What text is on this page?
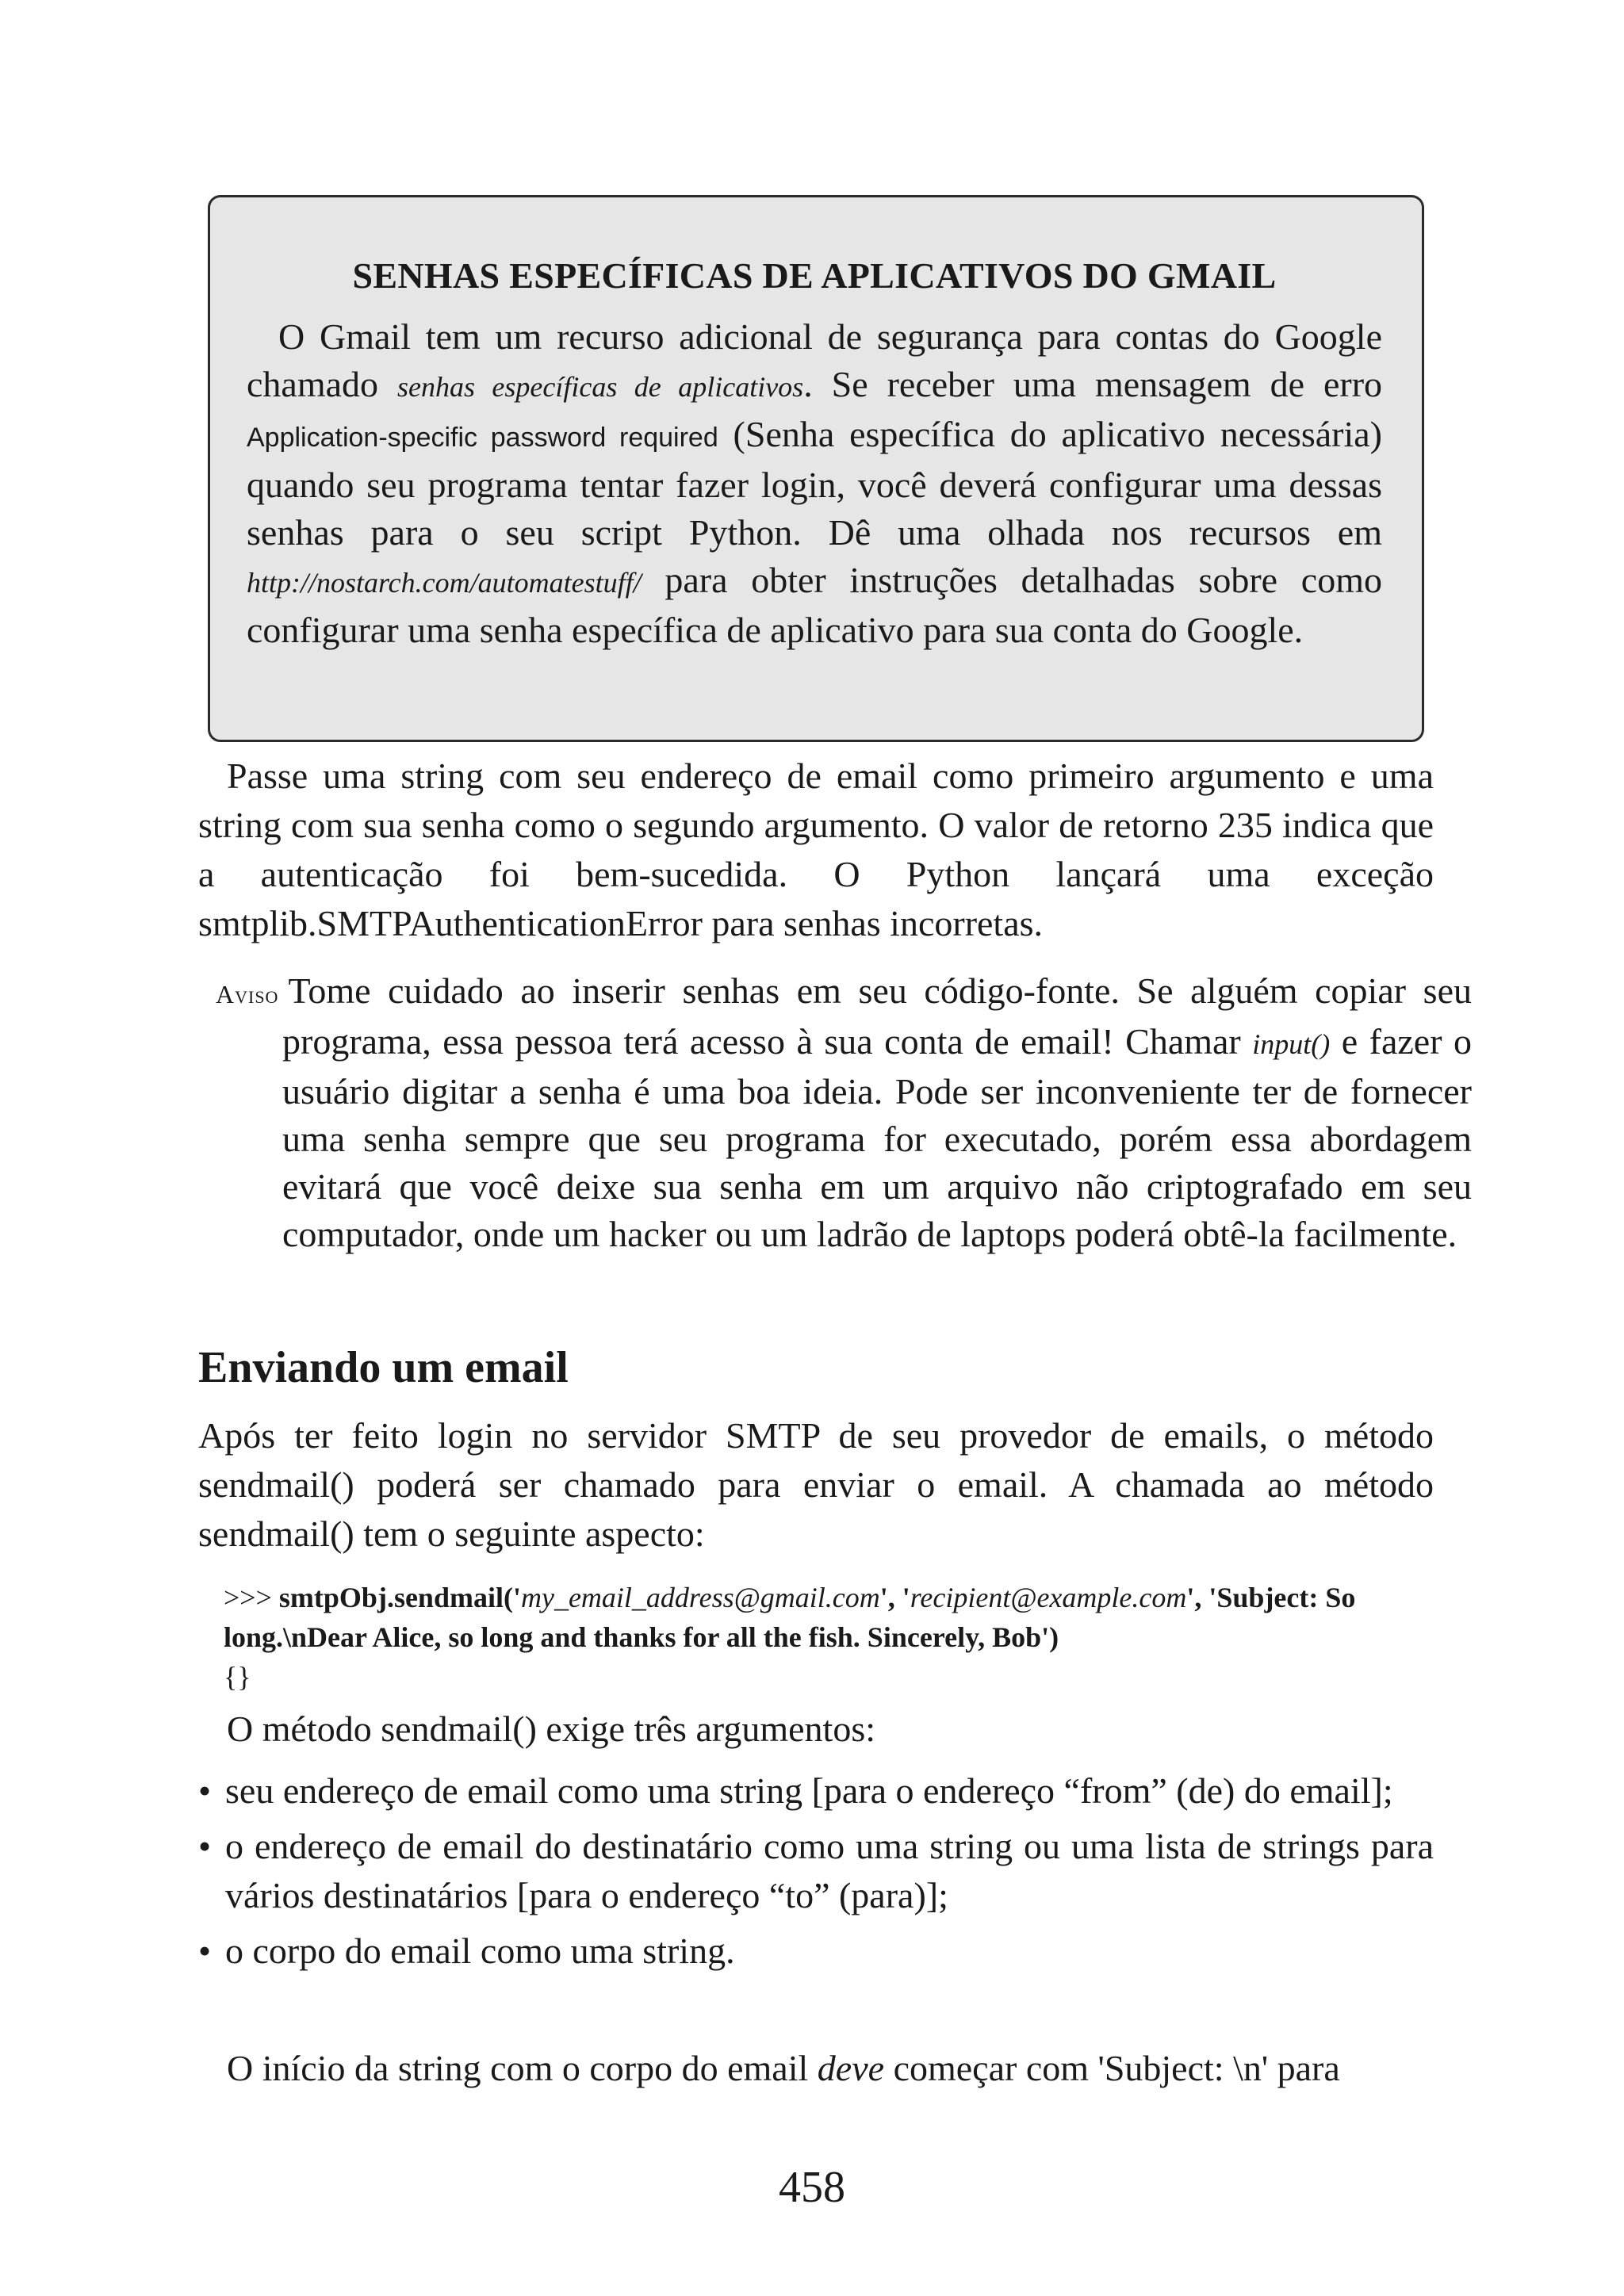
SENHAS ESPECÍFICAS DE APLICATIVOS DO GMAIL

O Gmail tem um recurso adicional de segurança para contas do Google chamado senhas específicas de aplicativos. Se receber uma mensagem de erro Application-specific password required (Senha específica do aplicativo necessária) quando seu programa tentar fazer login, você deverá configurar uma dessas senhas para o seu script Python. Dê uma olhada nos recursos em http://nostarch.com/automatestuff/ para obter instruções detalhadas sobre como configurar uma senha específica de aplicativo para sua conta do Google.

Passe uma string com seu endereço de email como primeiro argumento e uma string com sua senha como o segundo argumento. O valor de retorno 235 indica que a autenticação foi bem-sucedida. O Python lançará uma exceção smtplib.SMTPAuthenticationError para senhas incorretas.

Aviso Tome cuidado ao inserir senhas em seu código-fonte. Se alguém copiar seu programa, essa pessoa terá acesso à sua conta de email! Chamar input() e fazer o usuário digitar a senha é uma boa ideia. Pode ser inconveniente ter de fornecer uma senha sempre que seu programa for executado, porém essa abordagem evitará que você deixe sua senha em um arquivo não criptografado em seu computador, onde um hacker ou um ladrão de laptops poderá obtê-la facilmente.

Enviando um email

Após ter feito login no servidor SMTP de seu provedor de emails, o método sendmail() poderá ser chamado para enviar o email. A chamada ao método sendmail() tem o seguinte aspecto:

>>> smtpObj.sendmail('my_email_address@gmail.com', 'recipient@example.com', 'Subject: So long.\nDear Alice, so long and thanks for all the fish. Sincerely, Bob')
{}

O método sendmail() exige três argumentos:

• seu endereço de email como uma string [para o endereço “from” (de) do email];
• o endereço de email do destinatário como uma string ou uma lista de strings para vários destinatários [para o endereço “to” (para)];
• o corpo do email como uma string.

O início da string com o corpo do email deve começar com 'Subject: \n' para

458
